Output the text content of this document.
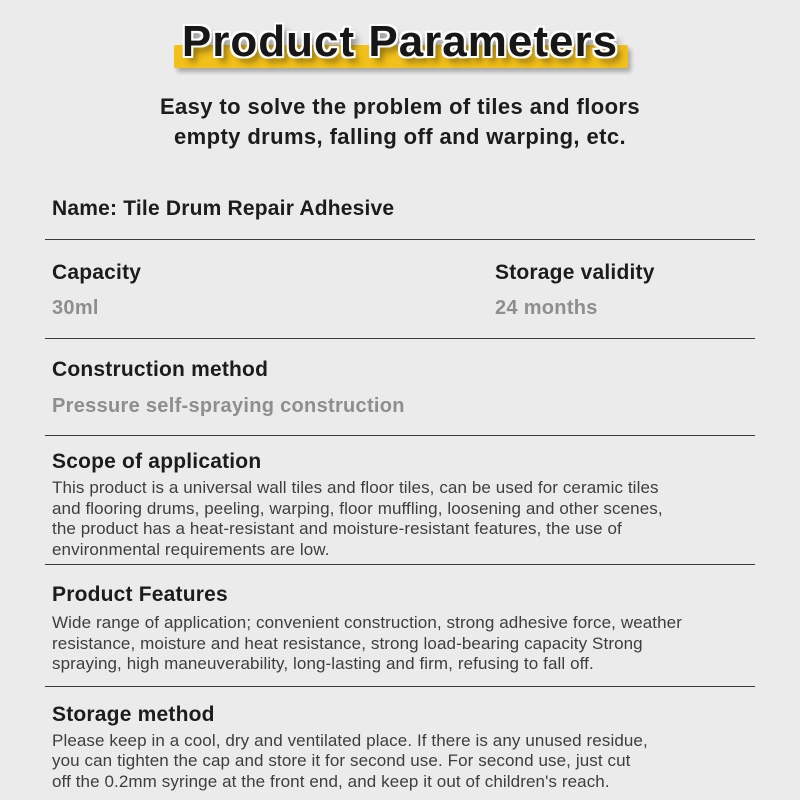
Product Parameters

Easy to solve the problem of tiles and floors
empty drums, falling off and warping, etc.

Name: Tile Drum Repair Adhesive
Capacity
30ml
Storage validity
24 months
Construction method
Pressure self-spraying construction
Scope of application
This product is a universal wall tiles and floor tiles, can be used for ceramic tiles
and flooring drums, peeling, warping, floor muffling, loosening and other scenes,
the product has a heat-resistant and moisture-resistant features, the use of
environmental requirements are low.
Product Features
Wide range of application; convenient construction, strong adhesive force, weather
resistance, moisture and heat resistance, strong load-bearing capacity Strong
spraying, high maneuverability, long-lasting and firm, refusing to fall off.
Storage method
Please keep in a cool, dry and ventilated place. If there is any unused residue,
you can tighten the cap and store it for second use. For second use, just cut
off the 0.2mm syringe at the front end, and keep it out of children's reach.
